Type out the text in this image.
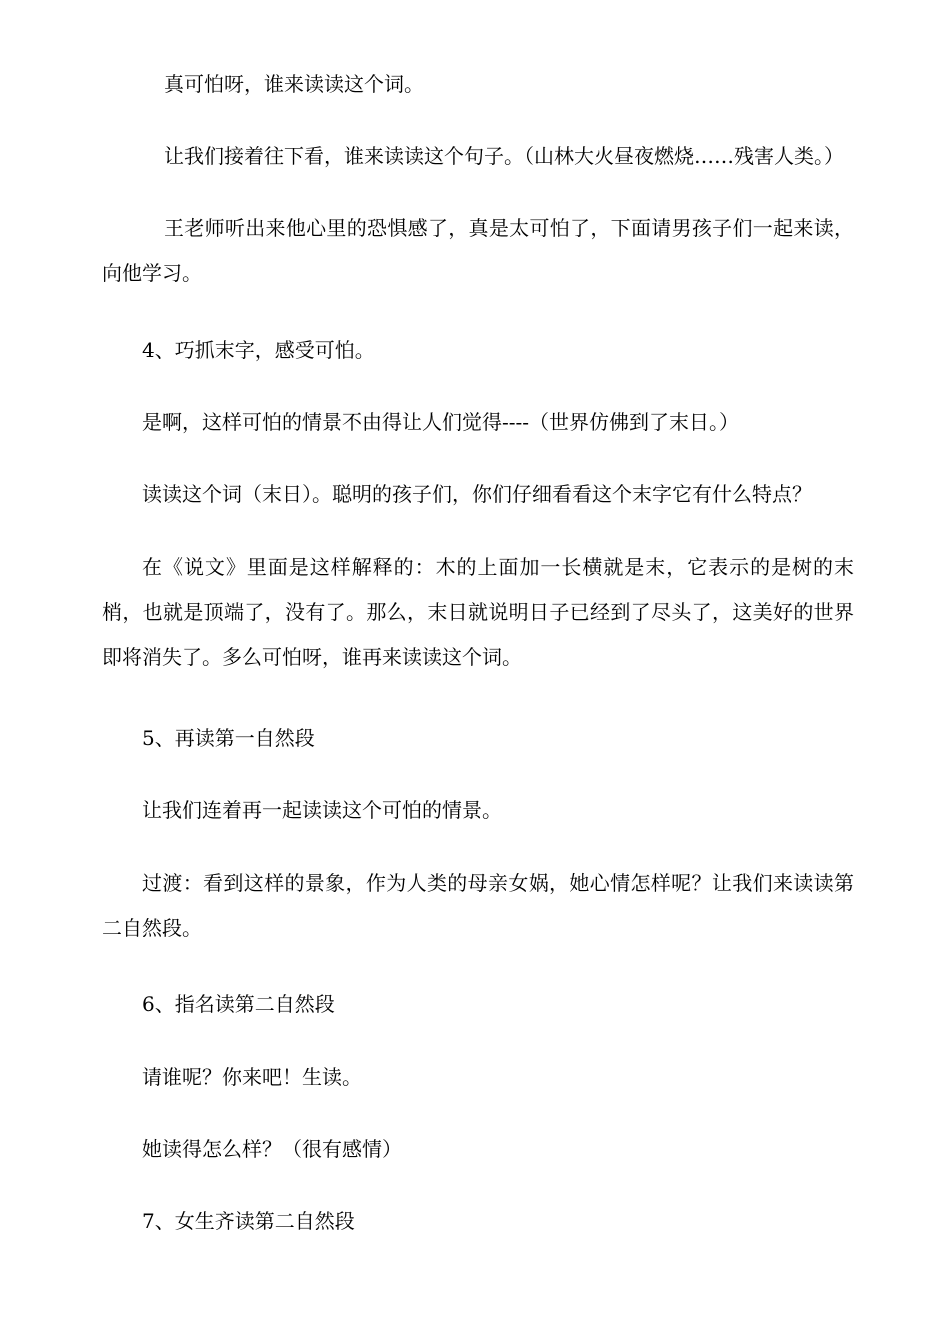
真可怕呀，谁来读读这个词。

让我们接着往下看，谁来读读这个句子。（山林大火昼夜燃烧……残害人类。）

王老师听出来他心里的恐惧感了，真是太可怕了，下面请男孩子们一起来读，向他学习。

4、巧抓末字，感受可怕。

是啊，这样可怕的情景不由得让人们觉得----（世界仿佛到了末日。）

读读这个词（末日）。聪明的孩子们，你们仔细看看这个末字它有什么特点？

在《说文》里面是这样解释的：木的上面加一长横就是末，它表示的是树的末梢，也就是顶端了，没有了。那么，末日就说明日子已经到了尽头了，这美好的世界即将消失了。多么可怕呀，谁再来读读这个词。

5、再读第一自然段

让我们连着再一起读读这个可怕的情景。

过渡：看到这样的景象，作为人类的母亲女娲，她心情怎样呢？让我们来读读第二自然段。

6、指名读第二自然段

请谁呢？你来吧！生读。

她读得怎么样？（很有感情）

7、女生齐读第二自然段
